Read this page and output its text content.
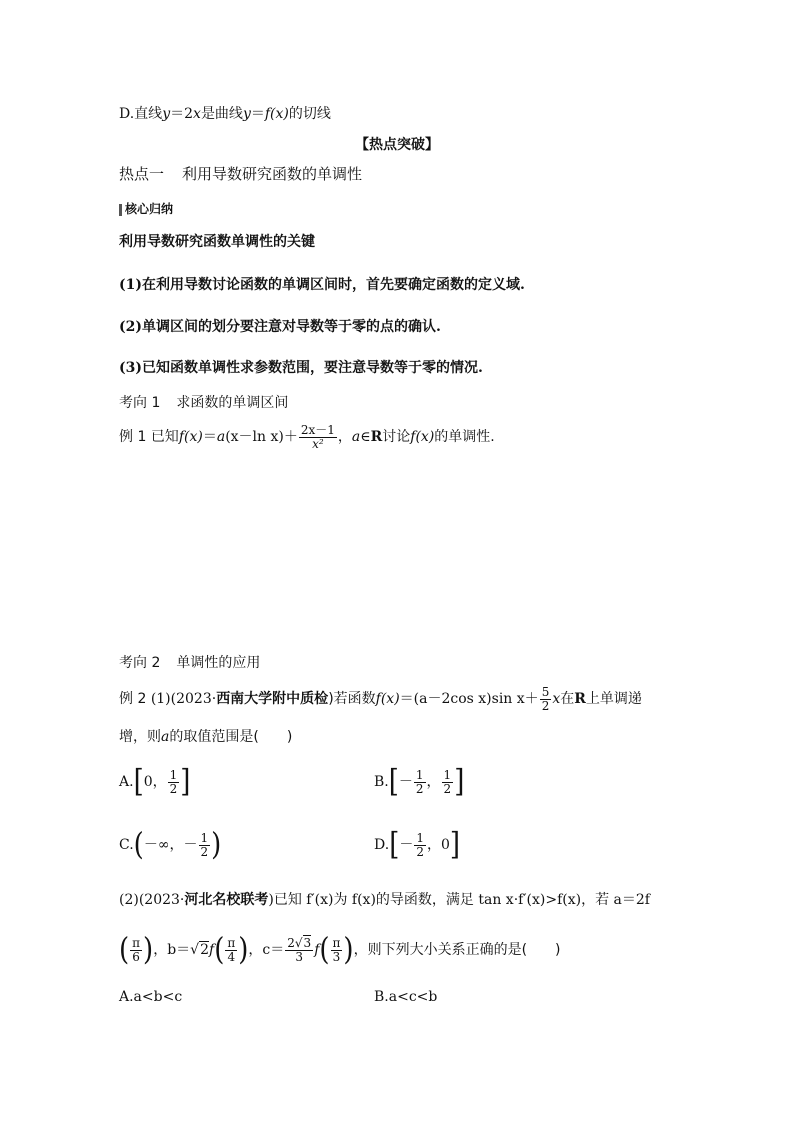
D.直线y＝2x是曲线y＝f(x)的切线
【热点突破】
热点一 利用导数研究函数的单调性
核心归纳
利用导数研究函数单调性的关键
(1)在利用导数讨论函数的单调区间时，首先要确定函数的定义域.
(2)单调区间的划分要注意对导数等于零的点的确认.
(3)已知函数单调性求参数范围，要注意导数等于零的情况.
考向 1 求函数的单调区间
例 1 已知f(x)＝a(x－ln $x)+ \frac{2x-1}{\text{x²}}$ ，a∈R讨论f(x)的单调性.
考向 2 单调性的应用
例 2 (1)(2023·西南大学附中质检)若函数f(x)＝(a－2cos x)sin $x+ \frac{5}{2}$ x在R上单调递
增，则a的取值范围是(　　)
A.[0， $\frac{1}{2}$ ]	$B.[- \frac{1}{2}$ ， $\frac{1}{2}$ ]
C.(－∞，－ $\frac{1}{2}$ )	$D.[- \frac{1}{2}$ ，0]
(2)(2023·河北名校联考)已知 f′(x)为 f(x)的导函数，满足 tan x·f′(x)>f(x)，若 a＝2f
( $\frac{\pi}{6}$ )，$b=√2f( \frac{\pi}{4}$ )，$c= \frac{2√3}{3} f( \frac{\pi}{3}$ )，则下列大小关系正确的是(　　)
A.a<b<c	B.a<c<b
